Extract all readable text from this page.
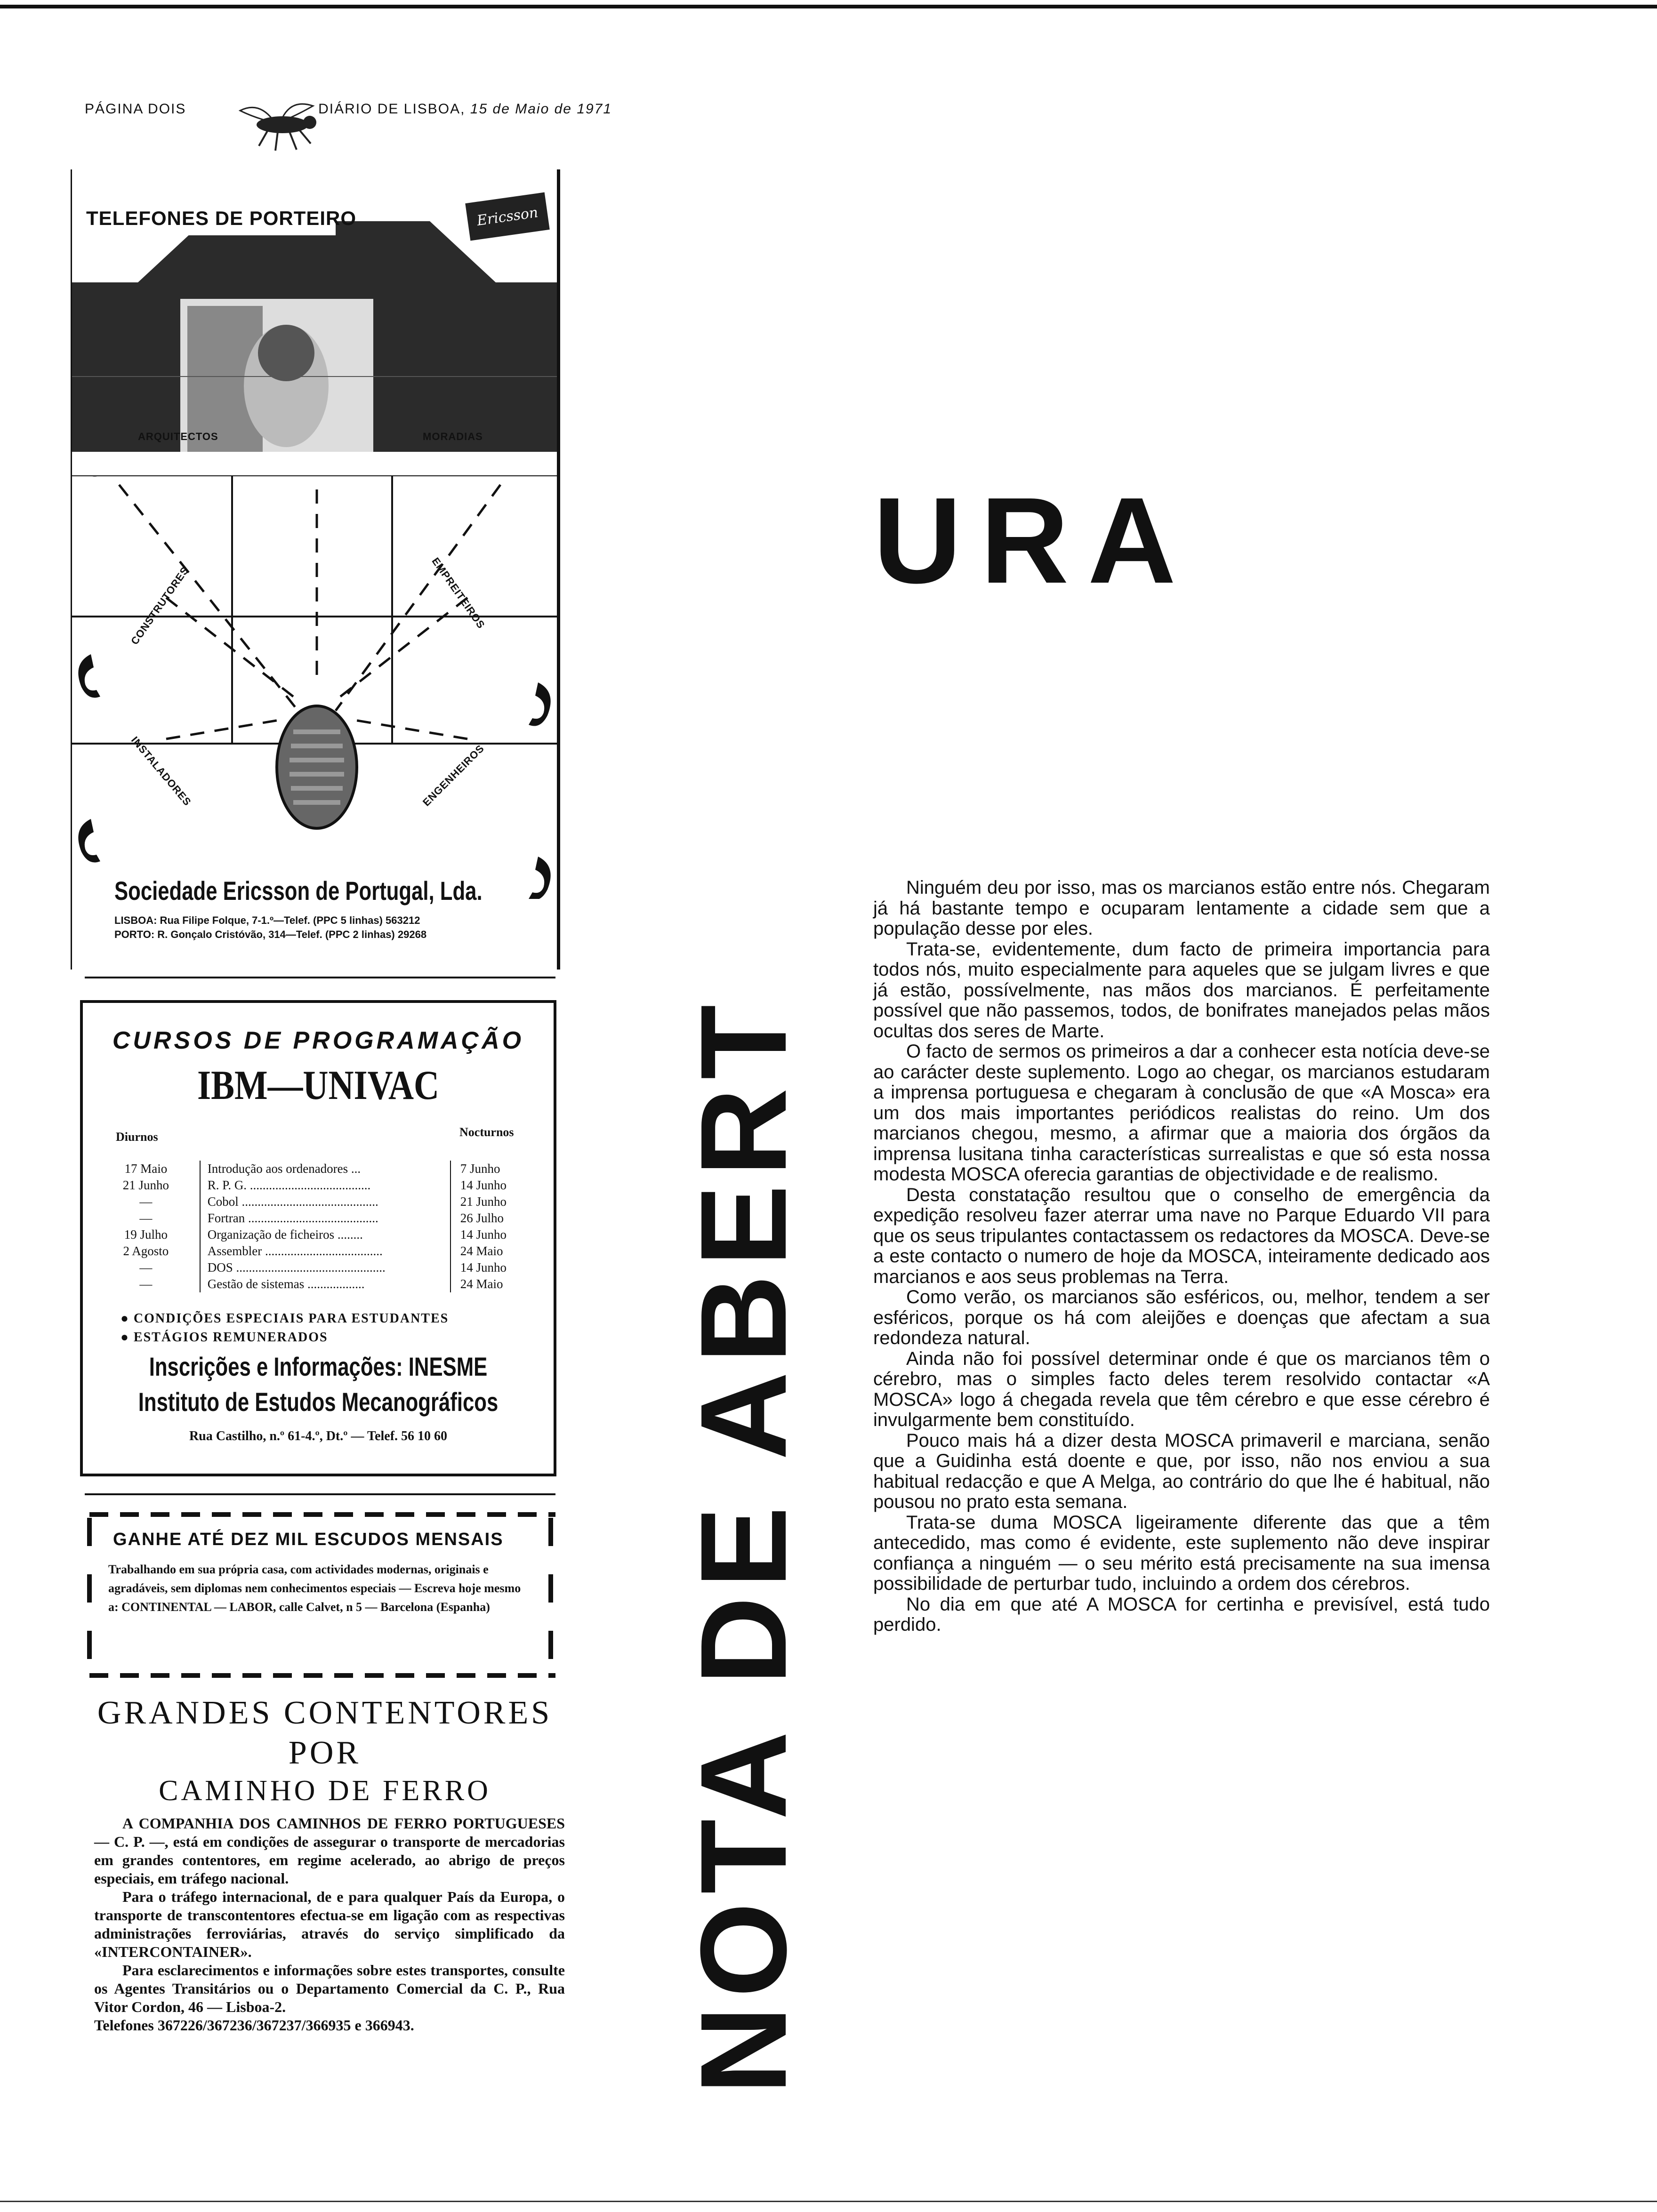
PÁGINA DOIS	DIÁRIO DE LISBOA, 15 de Maio de 1971
TELEFONES DE PORTEIRO	Ericsson
ARQUITECTOS	MORADIAS
CONSTRUTORES	EMPREITEIROS
INSTALADORES	ENGENHEIROS
Sociedade Ericsson de Portugal, Lda.
LISBOA: Rua Filipe Folque, 7-1.º—Telef. (PPC 5 linhas) 563212
PORTO: R. Gonçalo Cristóvão, 314—Telef. (PPC 2 linhas) 29268
CURSOS DE PROGRAMAÇÃO
IBM—UNIVAC
Diurnos	Nocturnos
17 Maio	Introdução aos ordenadores ...	7 Junho
21 Junho	R. P. G. ......................................	14 Junho
—	Cobol ...........................................	21 Junho
—	Fortran .........................................	26 Julho
19 Julho	Organização de ficheiros ........	14 Junho
2 Agosto	Assembler .....................................	24 Maio
—	DOS ...............................................	14 Junho
—	Gestão de sistemas ..................	24 Maio
● CONDIÇÕES ESPECIAIS PARA ESTUDANTES
● ESTÁGIOS REMUNERADOS
Inscrições e Informações: INESME
Instituto de Estudos Mecanográficos
Rua Castilho, n.º 61-4.º, Dt.º — Telef. 56 10 60
GANHE ATÉ DEZ MIL ESCUDOS MENSAIS
Trabalhando em sua própria casa, com actividades modernas, originais e agradáveis, sem diplomas nem conhecimentos especiais — Escreva hoje mesmo a: CONTINENTAL — LABOR, calle Calvet, n 5 — Barcelona (Espanha)
GRANDES CONTENTORES
POR
CAMINHO DE FERRO

A COMPANHIA DOS CAMINHOS DE FERRO PORTUGUESES — C. P. —, está em condições de assegurar o transporte de mercadorias em grandes contentores, em regime acelerado, ao abrigo de preços especiais, em tráfego nacional.

Para o tráfego internacional, de e para qualquer País da Europa, o transporte de transcontentores efectua-se em ligação com as respectivas administrações ferroviárias, através do serviço simplificado da «INTERCONTAINER».

Para esclarecimentos e informações sobre estes transportes, consulte os Agentes Transitários ou o Departamento Comercial da C. P., Rua Vitor Cordon, 46 — Lisboa-2.

Telefones 367226/367236/367237/366935 e 366943.	NOTA DE ABERT
URA

Ninguém deu por isso, mas os marcianos estão entre nós. Chegaram já há bastante tempo e ocuparam lentamente a cidade sem que a população desse por eles.

Trata-se, evidentemente, dum facto de primeira importancia para todos nós, muito especialmente para aqueles que se julgam livres e que já estão, possívelmente, nas mãos dos marcianos. É perfeitamente possível que não passemos, todos, de bonifrates manejados pelas mãos ocultas dos seres de Marte.

O facto de sermos os primeiros a dar a conhecer esta notícia deve-se ao carácter deste suplemento. Logo ao chegar, os marcianos estudaram a imprensa portuguesa e chegaram à conclusão de que «A Mosca» era um dos mais importantes periódicos realistas do reino. Um dos marcianos chegou, mesmo, a afirmar que a maioria dos órgãos da imprensa lusitana tinha características surrealistas e que só esta nossa modesta MOSCA oferecia garantias de objectividade e de realismo.

Desta constatação resultou que o conselho de emergência da expedição resolveu fazer aterrar uma nave no Parque Eduardo VII para que os seus tripulantes contactassem os redactores da MOSCA. Deve-se a este contacto o numero de hoje da MOSCA, inteiramente dedicado aos marcianos e aos seus problemas na Terra.

Como verão, os marcianos são esféricos, ou, melhor, tendem a ser esféricos, porque os há com aleijões e doenças que afectam a sua redondeza natural.

Ainda não foi possível determinar onde é que os marcianos têm o cérebro, mas o simples facto deles terem resolvido contactar «A MOSCA» logo á chegada revela que têm cérebro e que esse cérebro é invulgarmente bem constituído.

Pouco mais há a dizer desta MOSCA primaveril e marciana, senão que a Guidinha está doente e que, por isso, não nos enviou a sua habitual redacção e que A Melga, ao contrário do que lhe é habitual, não pousou no prato esta semana.

Trata-se duma MOSCA ligeiramente diferente das que a têm antecedido, mas como é evidente, este suplemento não deve inspirar confiança a ninguém — o seu mérito está precisamente na sua imensa possibilidade de perturbar tudo, incluindo a ordem dos cérebros.

No dia em que até A MOSCA for certinha e previsível, está tudo perdido.
